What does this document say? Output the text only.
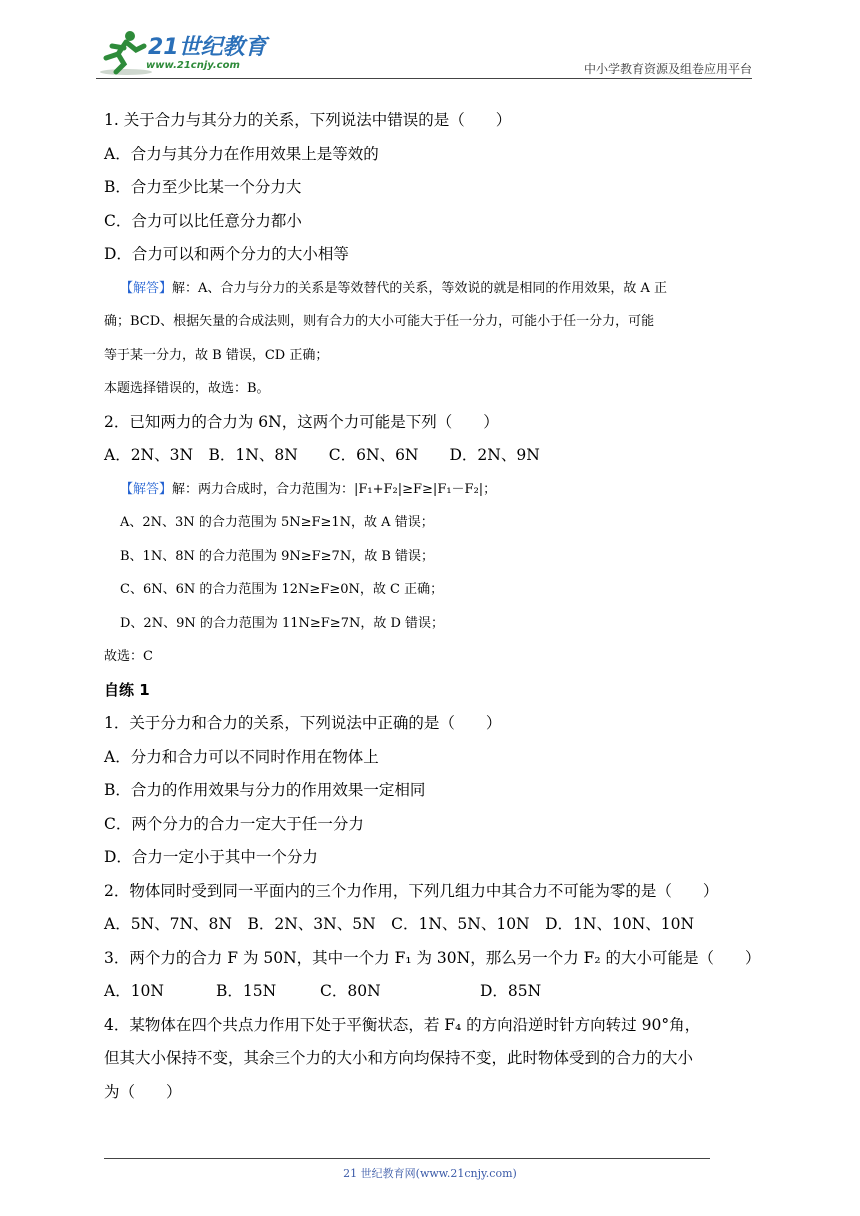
21世纪教育
www.21cnjy.com	中小学教育资源及组卷应用平台
1. 关于合力与其分力的关系，下列说法中错误的是（　　）
A．合力与其分力在作用效果上是等效的
B．合力至少比某一个分力大
C．合力可以比任意分力都小
D．合力可以和两个分力的大小相等
【解答】解：A、合力与分力的关系是等效替代的关系，等效说的就是相同的作用效果，故 A 正
确；BCD、根据矢量的合成法则，则有合力的大小可能大于任一分力，可能小于任一分力，可能
等于某一分力，故 B 错误，CD 正确；
本题选择错误的，故选：B。
2．已知两力的合力为 6N，这两个力可能是下列（　　）
A．2N、3N　B．1N、8N　　C．6N、6N　　D．2N、9N
【解答】解：两力合成时，合力范围为：|F₁+F₂|≥F≥|F₁－F₂|；
A、2N、3N 的合力范围为 5N≥F≥1N，故 A 错误；
B、1N、8N 的合力范围为 9N≥F≥7N，故 B 错误；
C、6N、6N 的合力范围为 12N≥F≥0N，故 C 正确；
D、2N、9N 的合力范围为 11N≥F≥7N，故 D 错误；
故选：C
自练 1
1．关于分力和合力的关系，下列说法中正确的是（　　）
A．分力和合力可以不同时作用在物体上
B．合力的作用效果与分力的作用效果一定相同
C．两个分力的合力一定大于任一分力
D．合力一定小于其中一个分力
2．物体同时受到同一平面内的三个力作用，下列几组力中其合力不可能为零的是（　　）
A．5N、7N、8N　B．2N、3N、5N　C．1N、5N、10N　D．1N、10N、10N
3．两个力的合力 F 为 50N，其中一个力 F₁ 为 30N，那么另一个力 F₂ 的大小可能是（　　）
A．10N	B．15N	C．80N	D．85N
4．某物体在四个共点力作用下处于平衡状态，若 F₄ 的方向沿逆时针方向转过 90°角，
但其大小保持不变，其余三个力的大小和方向均保持不变，此时物体受到的合力的大小
为（　　）
21 世纪教育网(www.21cnjy.com)
